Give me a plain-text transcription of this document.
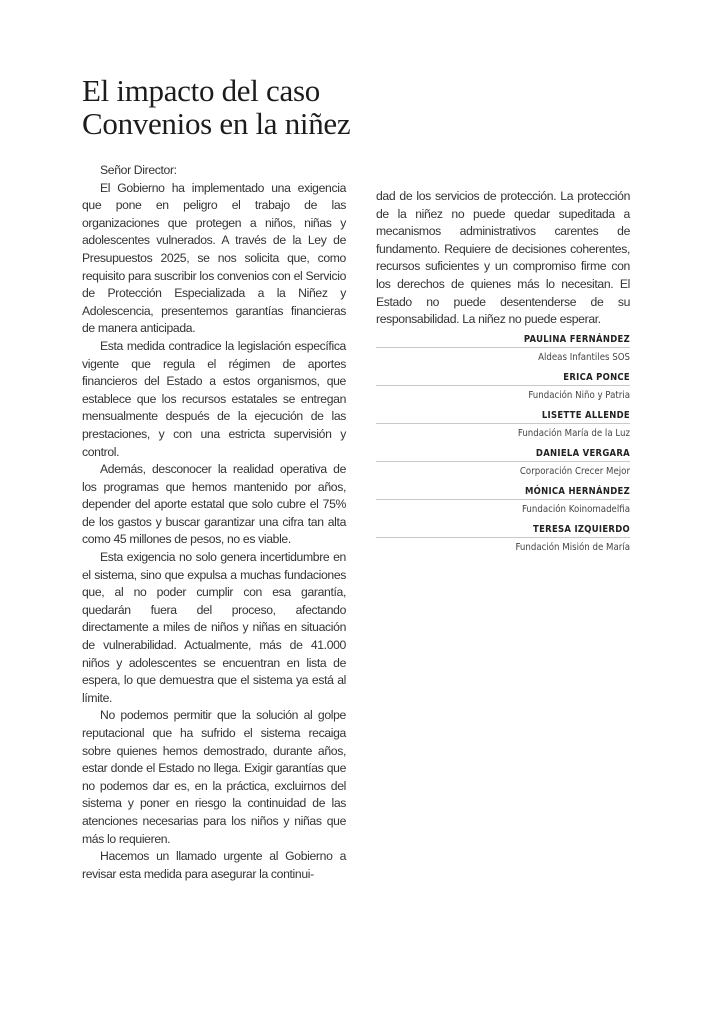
El impacto del caso
Convenios en la niñez

Señor Director:

El Gobierno ha implementado una exigencia que pone en peligro el trabajo de las organizaciones que protegen a niños, niñas y adolescentes vulnerados. A través de la Ley de Presupuestos 2025, se nos solicita que, como requisito para suscribir los convenios con el Servicio de Protección Especializada a la Niñez y Adolescencia, presentemos garantías financieras de manera anticipada.

Esta medida contradice la legislación específica vigente que regula el régimen de aportes financieros del Estado a estos organismos, que establece que los recursos estatales se entregan mensualmente después de la ejecución de las prestaciones, y con una estricta supervisión y control.

Además, desconocer la realidad operativa de los programas que hemos mantenido por años, depender del aporte estatal que solo cubre el 75% de los gastos y buscar garantizar una cifra tan alta como 45 millones de pesos, no es viable.

Esta exigencia no solo genera incertidumbre en el sistema, sino que expulsa a muchas fundaciones que, al no poder cumplir con esa garantía, quedarán fuera del proceso, afectando directamente a miles de niños y niñas en situación de vulnerabilidad. Actualmente, más de 41.000 niños y adolescentes se encuentran en lista de espera, lo que demuestra que el sistema ya está al límite.

No podemos permitir que la solución al golpe reputacional que ha sufrido el sistema recaiga sobre quienes hemos demostrado, durante años, estar donde el Estado no llega. Exigir garantías que no podemos dar es, en la práctica, excluirnos del sistema y poner en riesgo la continuidad de las atenciones necesarias para los niños y niñas que más lo requieren.

Hacemos un llamado urgente al Gobierno a revisar esta medida para asegurar la continui-

dad de los servicios de protección. La protección de la niñez no puede quedar supeditada a mecanismos administrativos carentes de fundamento. Requiere de decisiones coherentes, recursos suficientes y un compromiso firme con los derechos de quienes más lo necesitan. El Estado no puede desentenderse de su responsabilidad. La niñez no puede esperar.

PAULINA FERNÁNDEZ
Aldeas Infantiles SOS
ERICA PONCE
Fundación Niño y Patria
LISETTE ALLENDE
Fundación María de la Luz
DANIELA VERGARA
Corporación Crecer Mejor
MÓNICA HERNÁNDEZ
Fundación Koinomadelfia
TERESA IZQUIERDO
Fundación Misión de María
